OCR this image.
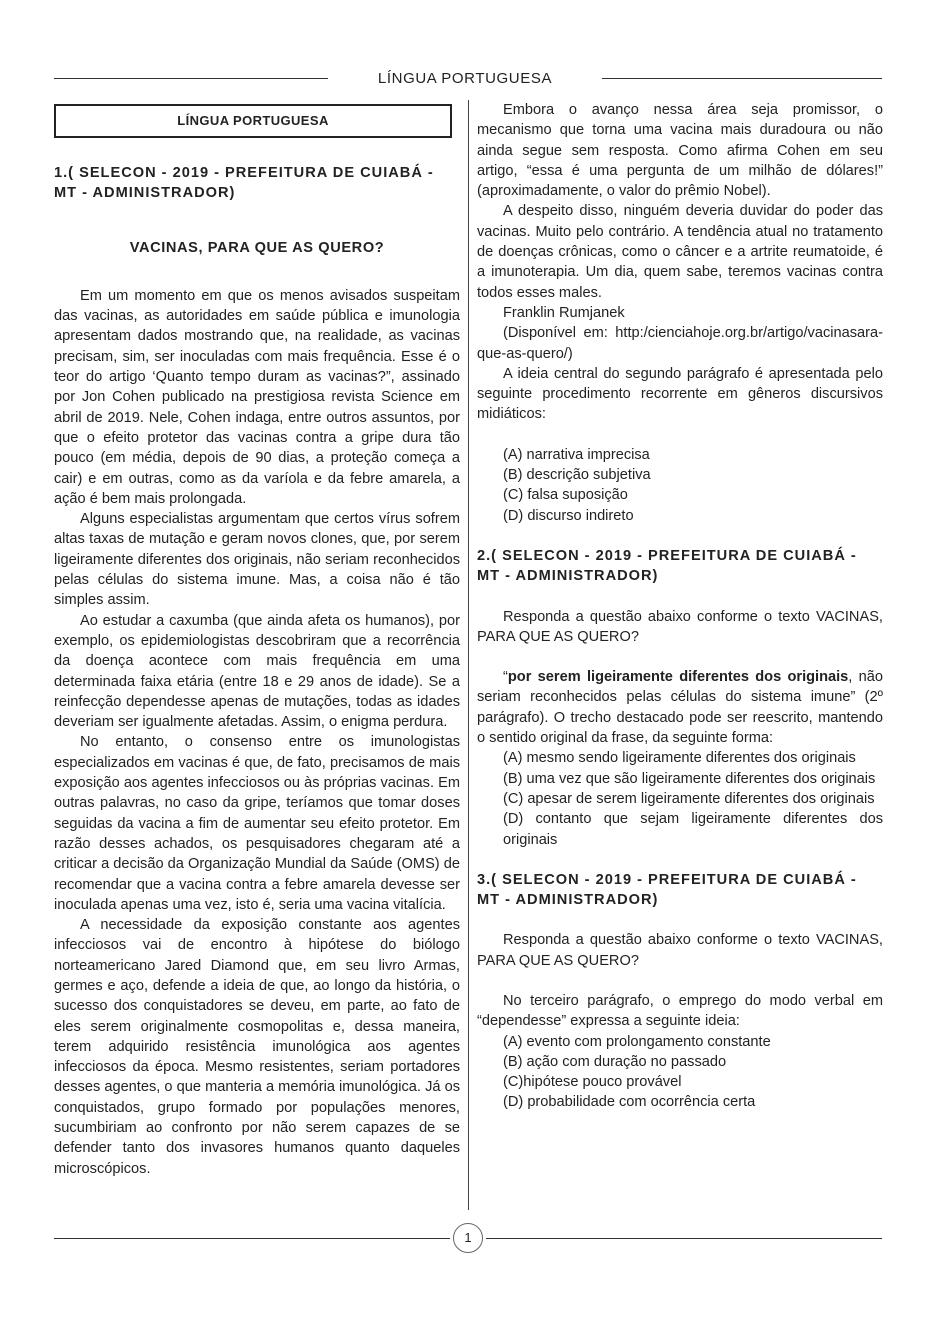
LÍNGUA PORTUGUESA
LÍNGUA PORTUGUESA
1.( SELECON - 2019 - PREFEITURA DE CUIABÁ - MT - ADMINISTRADOR)
VACINAS, PARA QUE AS QUERO?

Em um momento em que os menos avisados suspeitam das vacinas, as autoridades em saúde pública e imunologia apresentam dados mostrando que, na realidade, as vacinas precisam, sim, ser inoculadas com mais frequência. Esse é o teor do artigo ‘Quanto tempo duram as vacinas?”, assinado por Jon Cohen publicado na prestigiosa revista Science em abril de 2019. Nele, Cohen indaga, entre outros assuntos, por que o efeito protetor das vacinas contra a gripe dura tão pouco (em média, depois de 90 dias, a proteção começa a cair) e em outras, como as da varíola e da febre amarela, a ação é bem mais prolongada.

Alguns especialistas argumentam que certos vírus sofrem altas taxas de mutação e geram novos clones, que, por serem ligeiramente diferentes dos originais, não seriam reconhecidos pelas células do sistema imune. Mas, a coisa não é tão simples assim.

Ao estudar a caxumba (que ainda afeta os humanos), por exemplo, os epidemiologistas descobriram que a recorrência da doença acontece com mais frequência em uma determinada faixa etária (entre 18 e 29 anos de idade). Se a reinfecção dependesse apenas de mutações, todas as idades deveriam ser igualmente afetadas. Assim, o enigma perdura.

No entanto, o consenso entre os imunologistas especializados em vacinas é que, de fato, precisamos de mais exposição aos agentes infecciosos ou às próprias vacinas. Em outras palavras, no caso da gripe, teríamos que tomar doses seguidas da vacina a fim de aumentar seu efeito protetor. Em razão desses achados, os pesquisadores chegaram até a criticar a decisão da Organização Mundial da Saúde (OMS) de recomendar que a vacina contra a febre amarela devesse ser inoculada apenas uma vez, isto é, seria uma vacina vitalícia.

A necessidade da exposição constante aos agentes infecciosos vai de encontro à hipótese do biólogo norteamericano Jared Diamond que, em seu livro Armas, germes e aço, defende a ideia de que, ao longo da história, o sucesso dos conquistadores se deveu, em parte, ao fato de eles serem originalmente cosmopolitas e, dessa maneira, terem adquirido resistência imunológica aos agentes infecciosos da época. Mesmo resistentes, seriam portadores desses agentes, o que manteria a memória imunológica. Já os conquistados, grupo formado por populações menores, sucumbiriam ao confronto por não serem capazes de se defender tanto dos invasores humanos quanto daqueles microscópicos.

Embora o avanço nessa área seja promissor, o mecanismo que torna uma vacina mais duradoura ou não ainda segue sem resposta. Como afirma Cohen em seu artigo, “essa é uma pergunta de um milhão de dólares!” (aproximadamente, o valor do prêmio Nobel).

A despeito disso, ninguém deveria duvidar do poder das vacinas. Muito pelo contrário. A tendência atual no tratamento de doenças crônicas, como o câncer e a artrite reumatoide, é a imunoterapia. Um dia, quem sabe, teremos vacinas contra todos esses males.

Franklin Rumjanek

(Disponível em: http:/cienciahoje.org.br/artigo/vacinasara-que-as-quero/)

A ideia central do segundo parágrafo é apresentada pelo seguinte procedimento recorrente em gêneros discursivos midiáticos:

(A) narrativa imprecisa
(B) descrição subjetiva
(C) falsa suposição
(D) discurso indireto
2.( SELECON - 2019 - PREFEITURA DE CUIABÁ - MT - ADMINISTRADOR)

Responda a questão abaixo conforme o texto VACINAS, PARA QUE AS QUERO?

“por serem ligeiramente diferentes dos originais, não seriam reconhecidos pelas células do sistema imune” (2º parágrafo). O trecho destacado pode ser reescrito, mantendo o sentido original da frase, da seguinte forma:

(A) mesmo sendo ligeiramente diferentes dos originais
(B) uma vez que são ligeiramente diferentes dos originais
(C) apesar de serem ligeiramente diferentes dos originais
(D) contanto que sejam ligeiramente diferentes dos originais
3.( SELECON - 2019 - PREFEITURA DE CUIABÁ - MT - ADMINISTRADOR)

Responda a questão abaixo conforme o texto VACINAS, PARA QUE AS QUERO?

No terceiro parágrafo, o emprego do modo verbal em “dependesse” expressa a seguinte ideia:

(A) evento com prolongamento constante
(B) ação com duração no passado
(C)hipótese pouco provável
(D) probabilidade com ocorrência certa
1
